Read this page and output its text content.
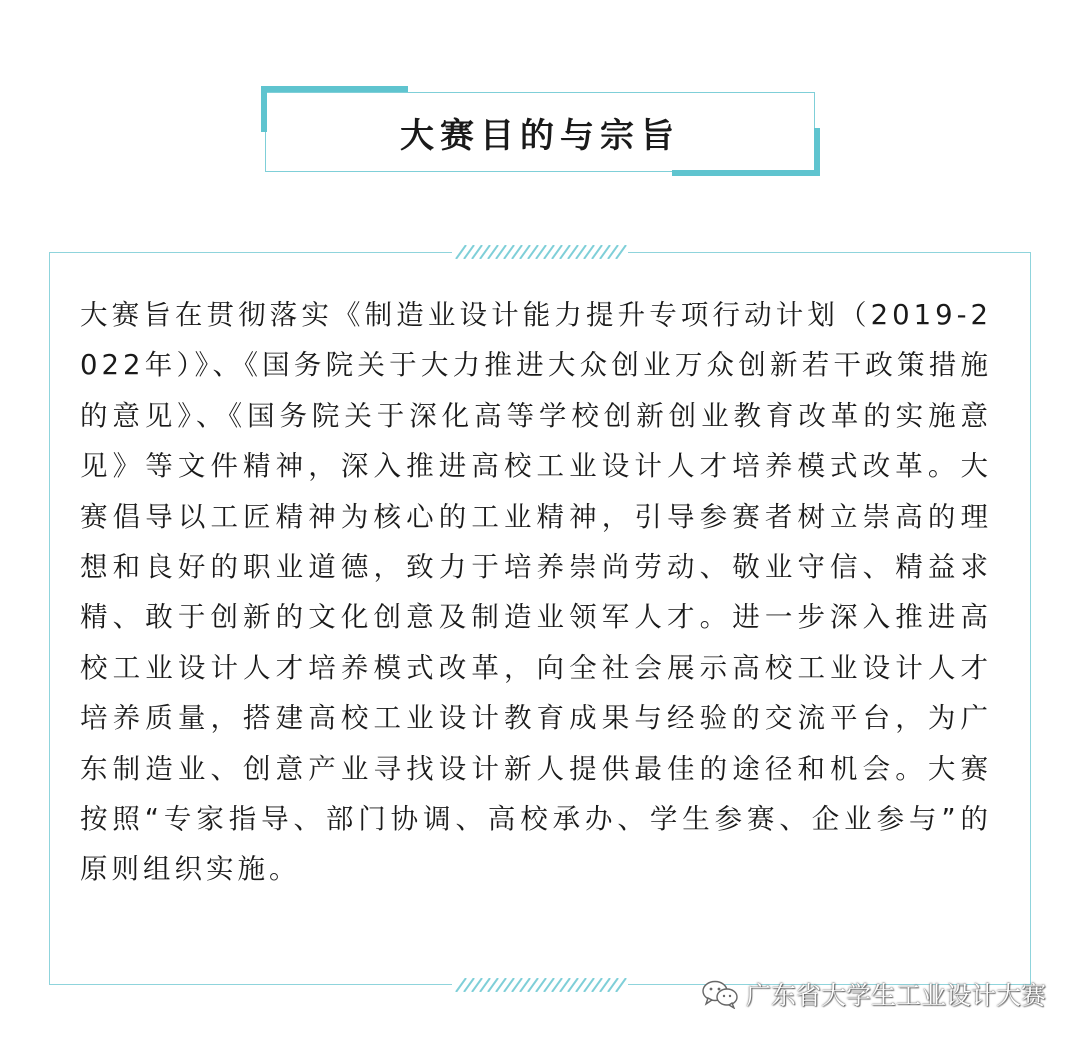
大赛目的与宗旨
大赛旨在贯彻落实《制造业设计能力提升专项行动计划（2019-2022年）》、《国务院关于大力推进大众创业万众创新若干政策措施的意见》、《国务院关于深化高等学校创新创业教育改革的实施意见》等文件精神，深入推进高校工业设计人才培养模式改革。大赛倡导以工匠精神为核心的工业精神，引导参赛者树立崇高的理想和良好的职业道德，致力于培养崇尚劳动、敬业守信、精益求精、敢于创新的文化创意及制造业领军人才。进一步深入推进高校工业设计人才培养模式改革，向全社会展示高校工业设计人才培养质量，搭建高校工业设计教育成果与经验的交流平台，为广东制造业、创意产业寻找设计新人提供最佳的途径和机会。大赛按照“专家指导、部门协调、高校承办、学生参赛、企业参与”的原则组织实施。
广东省大学生工业设计大赛
